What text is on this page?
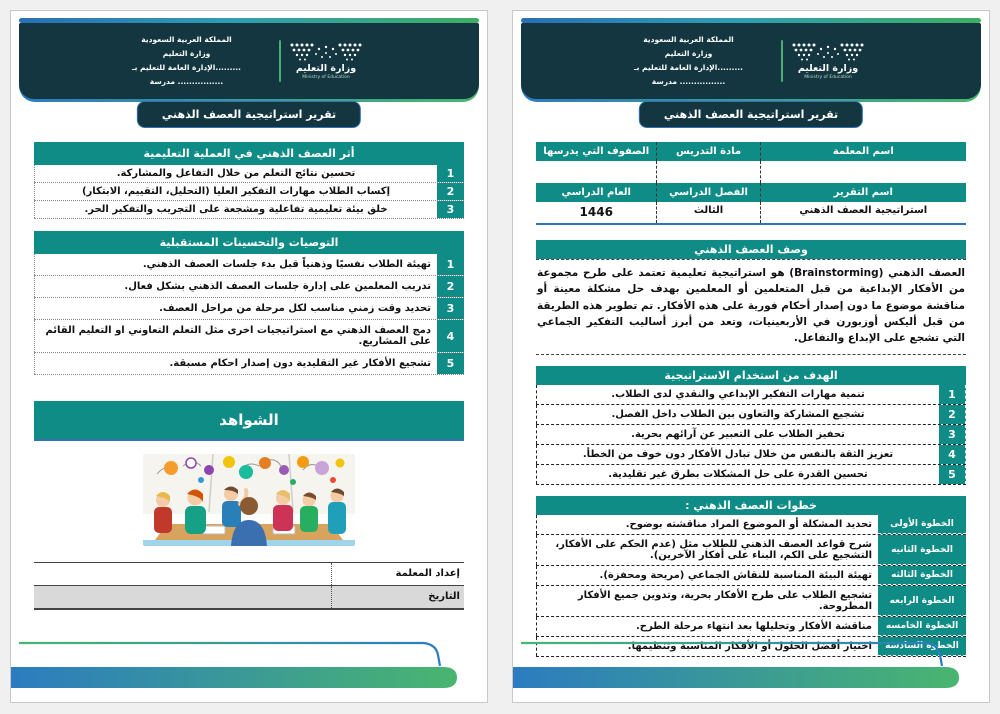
المملكة العربية السعودية
وزارة التعليم
الإدارة العامة للتعليم بـ.........
مدرسة ................
وزارة التعليم
Ministry of Education
تقرير استراتيجية العصف الذهني
اسم المعلمة
مادة التدريس
الصفوف التي يدرسها
اسم التقرير
الفصل الدراسي
العام الدراسي
استراتيجية العصف الذهني
الثالث
1446
وصف العصف الذهني
العصف الذهني (Brainstorming) هو استراتيجية تعليمية تعتمد على طرح مجموعة من الأفكار الإبداعية من قبل المتعلمين أو المعلمين بهدف حل مشكلة معينة أو مناقشة موضوع ما دون إصدار أحكام فورية على هذه الأفكار. تم تطوير هذه الطريقة من قبل أليكس أوزبورن في الأربعينيات، وتعد من أبرز أساليب التفكير الجماعي التي تشجع على الإبداع والتفاعل.
الهدف من استخدام الاستراتيجية
1
تنمية مهارات التفكير الإبداعي والنقدي لدى الطلاب.
2
تشجيع المشاركة والتعاون بين الطلاب داخل الفصل.
3
تحفيز الطلاب على التعبير عن آرائهم بحرية.
4
تعزيز الثقة بالنفس من خلال تبادل الأفكار دون خوف من الخطأ.
5
تحسين القدرة على حل المشكلات بطرق غير تقليدية.
خطوات العصف الذهني :
الخطوة الأولى
تحديد المشكلة أو الموضوع المراد مناقشته بوضوح.
الخطوة الثانيه
شرح قواعد العصف الذهني للطلاب مثل (عدم الحكم على الأفكار، التشجيع على الكم، البناء على أفكار الآخرين).
الخطوة الثالثه
تهيئة البيئة المناسبة للنقاش الجماعي (مريحة ومحفزة).
الخطوة الرابعه
تشجيع الطلاب على طرح الأفكار بحرية، وتدوين جميع الأفكار المطروحة.
الخطوة الخامسه
مناقشة الأفكار وتحليلها بعد انتهاء مرحلة الطرح.
الخطوة السادسه
اختيار أفضل الحلول أو الأفكار المناسبة وتنظيمها.
المملكة العربية السعودية
وزارة التعليم
الإدارة العامة للتعليم بـ.........
مدرسة ................
وزارة التعليم
Ministry of Education
تقرير استراتيجية العصف الذهني
أثر العصف الذهني في العملية التعليمية
1
تحسين نتائج التعلم من خلال التفاعل والمشاركة.
2
إكساب الطلاب مهارات التفكير العليا (التحليل، التقييم، الابتكار)
3
خلق بيئة تعليمية تفاعلية ومشجعة على التجريب والتفكير الحر.
التوصيات والتحسينات المستقبلية
1
تهيئة الطلاب نفسيًا وذهنياً قبل بدء جلسات العصف الذهني.
2
تدريب المعلمين على إدارة جلسات العصف الذهني بشكل فعال.
3
تحديد وقت زمني مناسب لكل مرحلة من مراحل العصف.
4
دمج العصف الذهني مع استراتيجيات اخرى مثل التعلم التعاوني او التعليم القائم على المشاريع.
5
تشجيع الأفكار غير التقليدية دون إصدار احكام مسبقة.
الشواهد
إعداد المعلمة
التاريخ
